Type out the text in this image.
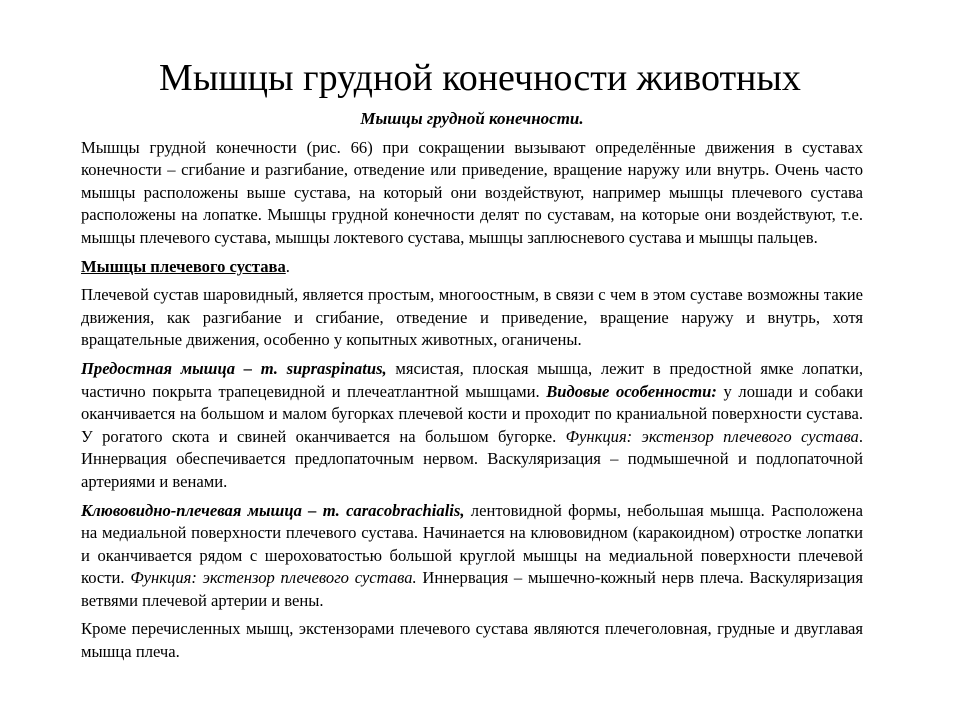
Мышцы грудной конечности животных
Мышцы грудной конечности.

Мышцы грудной конечности (рис. 66) при сокращении вызывают определённые движения в суставах конечности – сгибание и разгибание, отведение или приведение, вращение наружу или внутрь. Очень часто мышцы расположены выше сустава, на который они воздействуют, например мышцы плечевого сустава расположены на лопатке. Мышцы грудной конечности делят по суставам, на которые они воздействуют, т.е. мышцы плечевого сустава, мышцы локтевого сустава, мышцы заплюсневого сустава и мышцы пальцев.

Мышцы плечевого сустава.

Плечевой сустав шаровидный, является простым, многоостным, в связи с чем в этом суставе возможны такие движения, как разгибание и сгибание, отведение и приведение, вращение наружу и внутрь, хотя вращательные движения, особенно у копытных животных, оганичены.

Предостная мышца – m. supraspinatus, мясистая, плоская мышца, лежит в предостной ямке лопатки, частично покрыта трапецевидной и плечеатлантной мышцами. Видовые особенности: у лошади и собаки оканчивается на большом и малом бугорках плечевой кости и проходит по краниальной поверхности сустава. У рогатого скота и свиней оканчивается на большом бугорке. Функция: экстензор плечевого сустава. Иннервация обеспечивается предлопаточным нервом. Васкуляризация – подмышечной и подлопаточной артериями и венами.

Клювовидно-плечевая мышца – m. caracobrachialis, лентовидной формы, небольшая мышца. Расположена на медиальной поверхности плечевого сустава. Начинается на клювовидном (каракоидном) отростке лопатки и оканчивается рядом с шероховатостью большой круглой мышцы на медиальной поверхности плечевой кости. Функция: экстензор плечевого сустава. Иннервация – мышечно-кожный нерв плеча. Васкуляризация ветвями плечевой артерии и вены.

Кроме перечисленных мышц, экстензорами плечевого сустава являются плечеголовная, грудные и двуглавая мышца плеча.
